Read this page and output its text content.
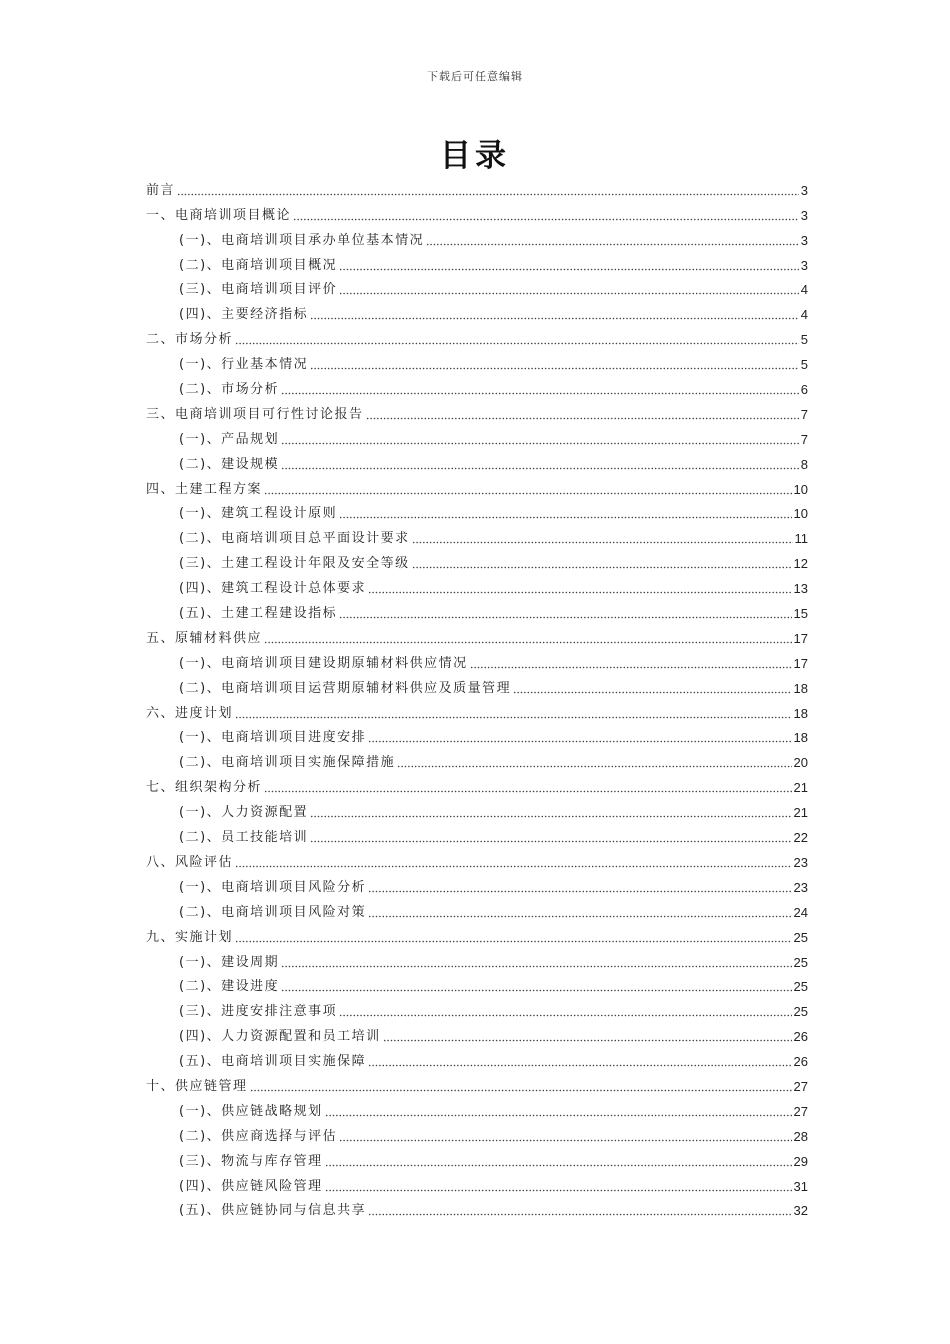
下载后可任意编辑
目录
前言	3
一、电商培训项目概论	3
(一)、电商培训项目承办单位基本情况	3
(二)、电商培训项目概况	3
(三)、电商培训项目评价	4
(四)、主要经济指标	4
二、市场分析	5
(一)、行业基本情况	5
(二)、市场分析	6
三、电商培训项目可行性讨论报告	7
(一)、产品规划	7
(二)、建设规模	8
四、土建工程方案	10
(一)、建筑工程设计原则	10
(二)、电商培训项目总平面设计要求	11
(三)、土建工程设计年限及安全等级	12
(四)、建筑工程设计总体要求	13
(五)、土建工程建设指标	15
五、原辅材料供应	17
(一)、电商培训项目建设期原辅材料供应情况	17
(二)、电商培训项目运营期原辅材料供应及质量管理	18
六、进度计划	18
(一)、电商培训项目进度安排	18
(二)、电商培训项目实施保障措施	20
七、组织架构分析	21
(一)、人力资源配置	21
(二)、员工技能培训	22
八、风险评估	23
(一)、电商培训项目风险分析	23
(二)、电商培训项目风险对策	24
九、实施计划	25
(一)、建设周期	25
(二)、建设进度	25
(三)、进度安排注意事项	25
(四)、人力资源配置和员工培训	26
(五)、电商培训项目实施保障	26
十、供应链管理	27
(一)、供应链战略规划	27
(二)、供应商选择与评估	28
(三)、物流与库存管理	29
(四)、供应链风险管理	31
(五)、供应链协同与信息共享	32
